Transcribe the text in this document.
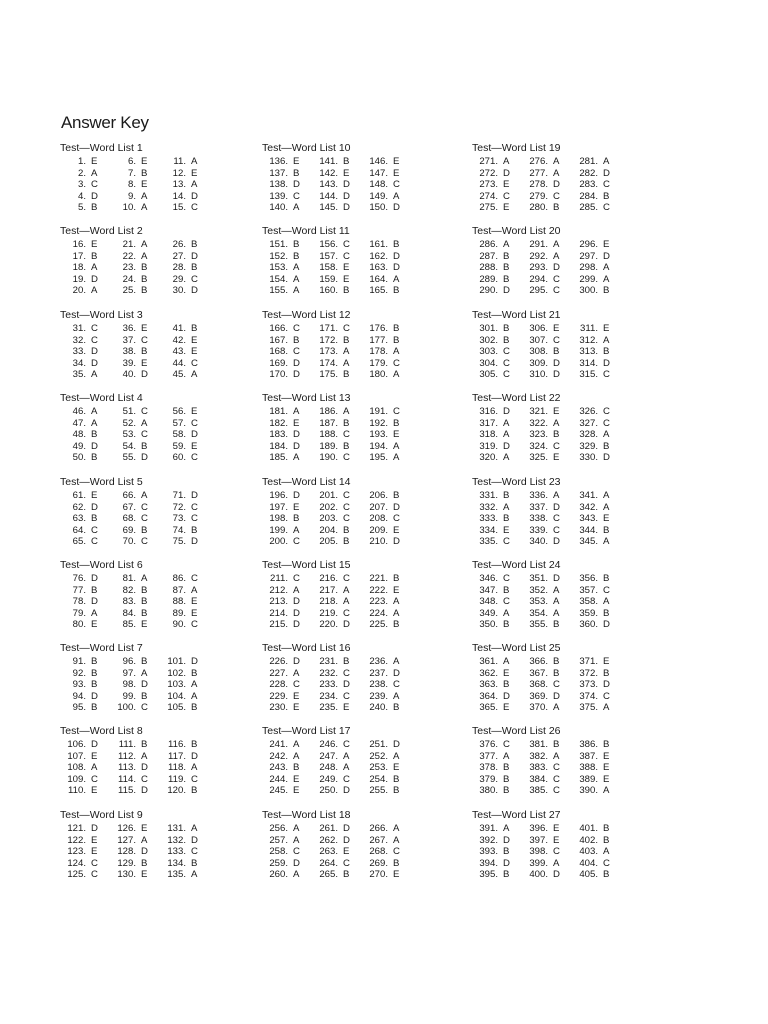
Answer Key
Test—Word List 1
1. E	6. E	11. A
2. A	7. B	12. E
3. C	8. E	13. A
4. D	9. A	14. D
5. B	10. A	15. C
Test—Word List 2
16. E	21. A	26. B
17. B	22. A	27. D
18. A	23. B	28. B
19. D	24. B	29. C
20. A	25. B	30. D
Test—Word List 3
31. C	36. E	41. B
32. C	37. C	42. E
33. D	38. B	43. E
34. D	39. E	44. C
35. A	40. D	45. A
Test—Word List 4
46. A	51. C	56. E
47. A	52. A	57. C
48. B	53. C	58. D
49. D	54. B	59. E
50. B	55. D	60. C
Test—Word List 5
61. E	66. A	71. D
62. D	67. C	72. C
63. B	68. C	73. C
64. C	69. B	74. B
65. C	70. C	75. D
Test—Word List 6
76. D	81. A	86. C
77. B	82. B	87. A
78. D	83. B	88. E
79. A	84. B	89. E
80. E	85. E	90. C
Test—Word List 7
91. B	96. B	101. D
92. B	97. A	102. B
93. B	98. D	103. A
94. D	99. B	104. A
95. B	100. C	105. B
Test—Word List 8
106. D	111. B	116. B
107. E	112. A	117. D
108. A	113. D	118. A
109. C	114. C	119. C
110. E	115. D	120. B
Test—Word List 9
121. D	126. E	131. A
122. E	127. A	132. D
123. E	128. D	133. C
124. C	129. B	134. B
125. C	130. E	135. A
Test—Word List 10
136. E	141. B	146. E
137. B	142. E	147. E
138. D	143. D	148. C
139. C	144. D	149. A
140. A	145. D	150. D
Test—Word List 11
151. B	156. C	161. B
152. B	157. C	162. D
153. A	158. E	163. D
154. A	159. E	164. A
155. A	160. B	165. B
Test—Word List 12
166. C	171. C	176. B
167. B	172. B	177. B
168. C	173. A	178. A
169. D	174. A	179. C
170. D	175. B	180. A
Test—Word List 13
181. A	186. A	191. C
182. E	187. B	192. B
183. D	188. C	193. E
184. D	189. B	194. A
185. A	190. C	195. A
Test—Word List 14
196. D	201. C	206. B
197. E	202. C	207. D
198. B	203. C	208. C
199. A	204. B	209. E
200. C	205. B	210. D
Test—Word List 15
211. C	216. C	221. B
212. A	217. A	222. E
213. D	218. A	223. A
214. D	219. C	224. A
215. D	220. D	225. B
Test—Word List 16
226. D	231. B	236. A
227. A	232. C	237. D
228. C	233. D	238. C
229. E	234. C	239. A
230. E	235. E	240. B
Test—Word List 17
241. A	246. C	251. D
242. A	247. A	252. A
243. B	248. A	253. E
244. E	249. C	254. B
245. E	250. D	255. B
Test—Word List 18
256. A	261. D	266. A
257. A	262. D	267. A
258. C	263. E	268. C
259. D	264. C	269. B
260. A	265. B	270. E
Test—Word List 19
271. A	276. A	281. A
272. D	277. A	282. D
273. E	278. D	283. C
274. C	279. C	284. B
275. E	280. B	285. C
Test—Word List 20
286. A	291. A	296. E
287. B	292. A	297. D
288. B	293. D	298. A
289. B	294. C	299. A
290. D	295. C	300. B
Test—Word List 21
301. B	306. E	311. E
302. B	307. C	312. A
303. C	308. B	313. B
304. C	309. D	314. D
305. C	310. D	315. C
Test—Word List 22
316. D	321. E	326. C
317. A	322. A	327. C
318. A	323. B	328. A
319. D	324. C	329. B
320. A	325. E	330. D
Test—Word List 23
331. B	336. A	341. A
332. A	337. D	342. A
333. B	338. C	343. E
334. E	339. C	344. B
335. C	340. D	345. A
Test—Word List 24
346. C	351. D	356. B
347. B	352. A	357. C
348. C	353. A	358. A
349. A	354. A	359. B
350. B	355. B	360. D
Test—Word List 25
361. A	366. B	371. E
362. E	367. B	372. B
363. B	368. C	373. D
364. D	369. D	374. C
365. E	370. A	375. A
Test—Word List 26
376. C	381. B	386. B
377. A	382. A	387. E
378. B	383. C	388. E
379. B	384. C	389. E
380. B	385. C	390. A
Test—Word List 27
391. A	396. E	401. B
392. D	397. E	402. B
393. B	398. C	403. A
394. D	399. A	404. C
395. B	400. D	405. B
